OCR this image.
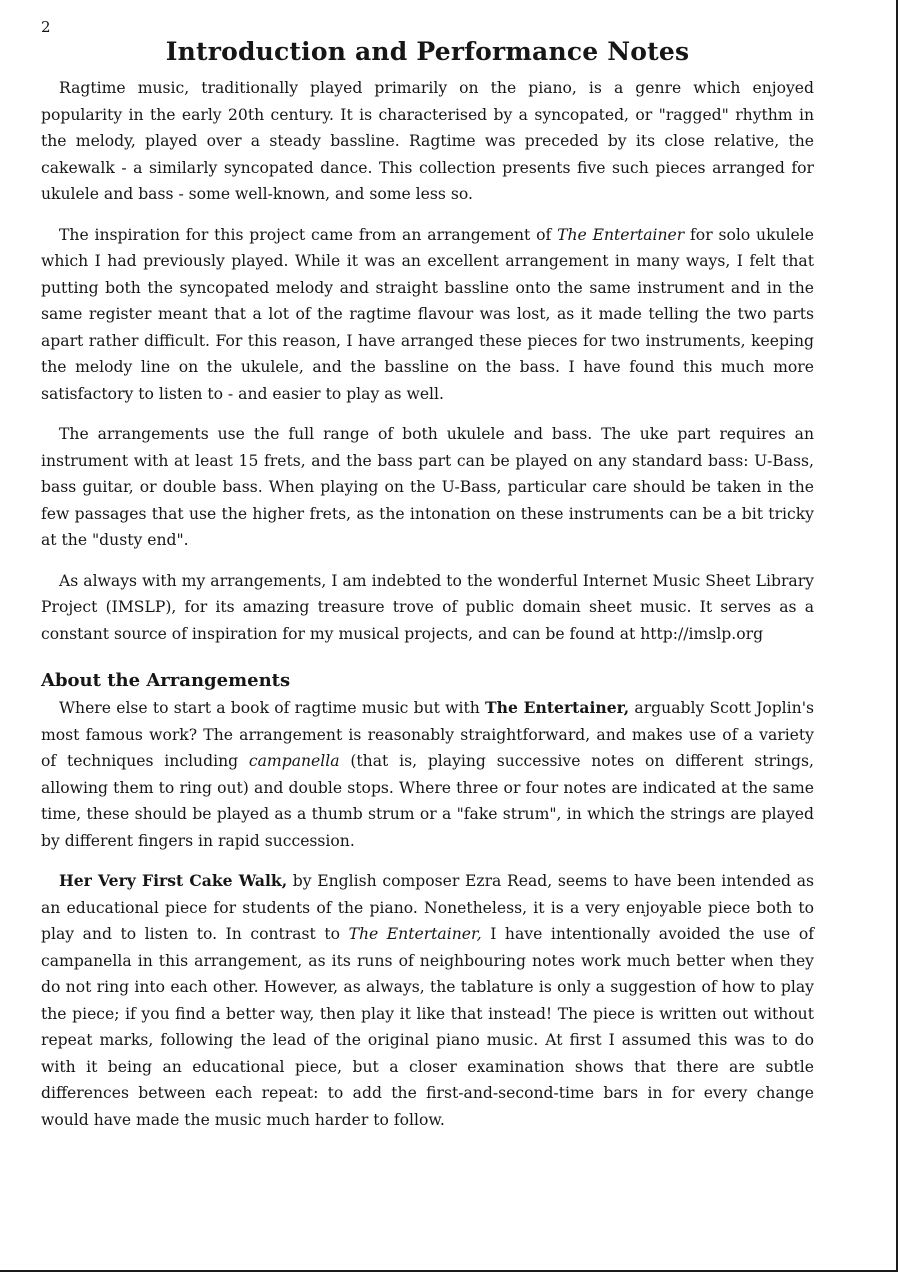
2
Introduction and Performance Notes

Ragtime music, traditionally played primarily on the piano, is a genre which enjoyed popularity in the early 20th century. It is characterised by a syncopated, or "ragged" rhythm in the melody, played over a steady bassline. Ragtime was preceded by its close relative, the cakewalk - a similarly syncopated dance. This collection presents five such pieces arranged for ukulele and bass - some well-known, and some less so.

The inspiration for this project came from an arrangement of The Entertainer for solo ukulele which I had previously played. While it was an excellent arrangement in many ways, I felt that putting both the syncopated melody and straight bassline onto the same instrument and in the same register meant that a lot of the ragtime flavour was lost, as it made telling the two parts apart rather difficult. For this reason, I have arranged these pieces for two instruments, keeping the melody line on the ukulele, and the bassline on the bass. I have found this much more satisfactory to listen to - and easier to play as well.

The arrangements use the full range of both ukulele and bass. The uke part requires an instrument with at least 15 frets, and the bass part can be played on any standard bass: U-Bass, bass guitar, or double bass. When playing on the U-Bass, particular care should be taken in the few passages that use the higher frets, as the intonation on these instruments can be a bit tricky at the "dusty end".

As always with my arrangements, I am indebted to the wonderful Internet Music Sheet Library Project (IMSLP), for its amazing treasure trove of public domain sheet music. It serves as a constant source of inspiration for my musical projects, and can be found at http://imslp.org

About the Arrangements

Where else to start a book of ragtime music but with The Entertainer, arguably Scott Joplin's most famous work? The arrangement is reasonably straightforward, and makes use of a variety of techniques including campanella (that is, playing successive notes on different strings, allowing them to ring out) and double stops. Where three or four notes are indicated at the same time, these should be played as a thumb strum or a "fake strum", in which the strings are played by different fingers in rapid succession.

Her Very First Cake Walk, by English composer Ezra Read, seems to have been intended as an educational piece for students of the piano. Nonetheless, it is a very enjoyable piece both to play and to listen to. In contrast to The Entertainer, I have intentionally avoided the use of campanella in this arrangement, as its runs of neighbouring notes work much better when they do not ring into each other. However, as always, the tablature is only a suggestion of how to play the piece; if you find a better way, then play it like that instead! The piece is written out without repeat marks, following the lead of the original piano music. At first I assumed this was to do with it being an educational piece, but a closer examination shows that there are subtle differences between each repeat: to add the first-and-second-time bars in for every change would have made the music much harder to follow.
